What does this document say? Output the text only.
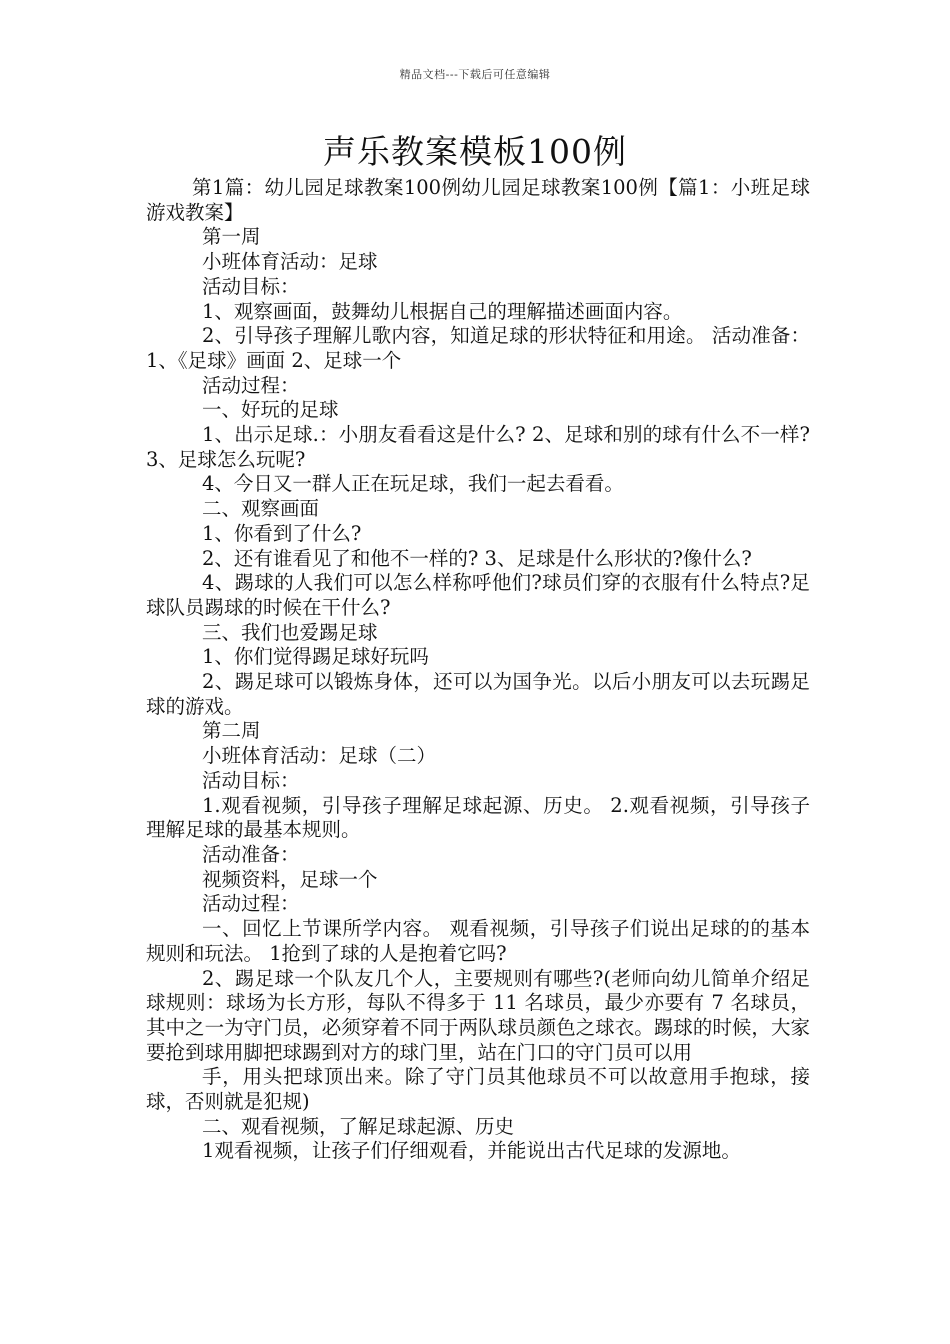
精品文档---下载后可任意编辑
声乐教案模板100例

第1篇：幼儿园足球教案100例幼儿园足球教案100例【篇1：小班足球游戏教案】

第一周

小班体育活动：足球

活动目标：

1、观察画面，鼓舞幼儿根据自己的理解描述画面内容。

2、引导孩子理解儿歌内容，知道足球的形状特征和用途。 活动准备：1、《足球》画面 2、足球一个

活动过程：

一、好玩的足球

1、出示足球.：小朋友看看这是什么? 2、足球和别的球有什么不一样? 3、足球怎么玩呢?

4、今日又一群人正在玩足球，我们一起去看看。

二、观察画面

1、你看到了什么?

2、还有谁看见了和他不一样的? 3、足球是什么形状的?像什么?

4、踢球的人我们可以怎么样称呼他们?球员们穿的衣服有什么特点?足球队员踢球的时候在干什么?

三、我们也爱踢足球

1、你们觉得踢足球好玩吗

2、踢足球可以锻炼身体，还可以为国争光。以后小朋友可以去玩踢足球的游戏。

第二周

小班体育活动：足球（二）

活动目标：

1.观看视频，引导孩子理解足球起源、历史。 2.观看视频，引导孩子理解足球的最基本规则。

活动准备：

视频资料，足球一个

活动过程：

一、回忆上节课所学内容。 观看视频，引导孩子们说出足球的的基本规则和玩法。 1抢到了球的人是抱着它吗?

2、踢足球一个队友几个人，主要规则有哪些?(老师向幼儿简单介绍足球规则：球场为长方形，每队不得多于 11 名球员，最少亦要有 7 名球员，其中之一为守门员，必须穿着不同于两队球员颜色之球衣。踢球的时候，大家要抢到球用脚把球踢到对方的球门里，站在门口的守门员可以用

手，用头把球顶出来。除了守门员其他球员不可以故意用手抱球，接球，否则就是犯规)

二、观看视频，了解足球起源、历史

1观看视频，让孩子们仔细观看，并能说出古代足球的发源地。
